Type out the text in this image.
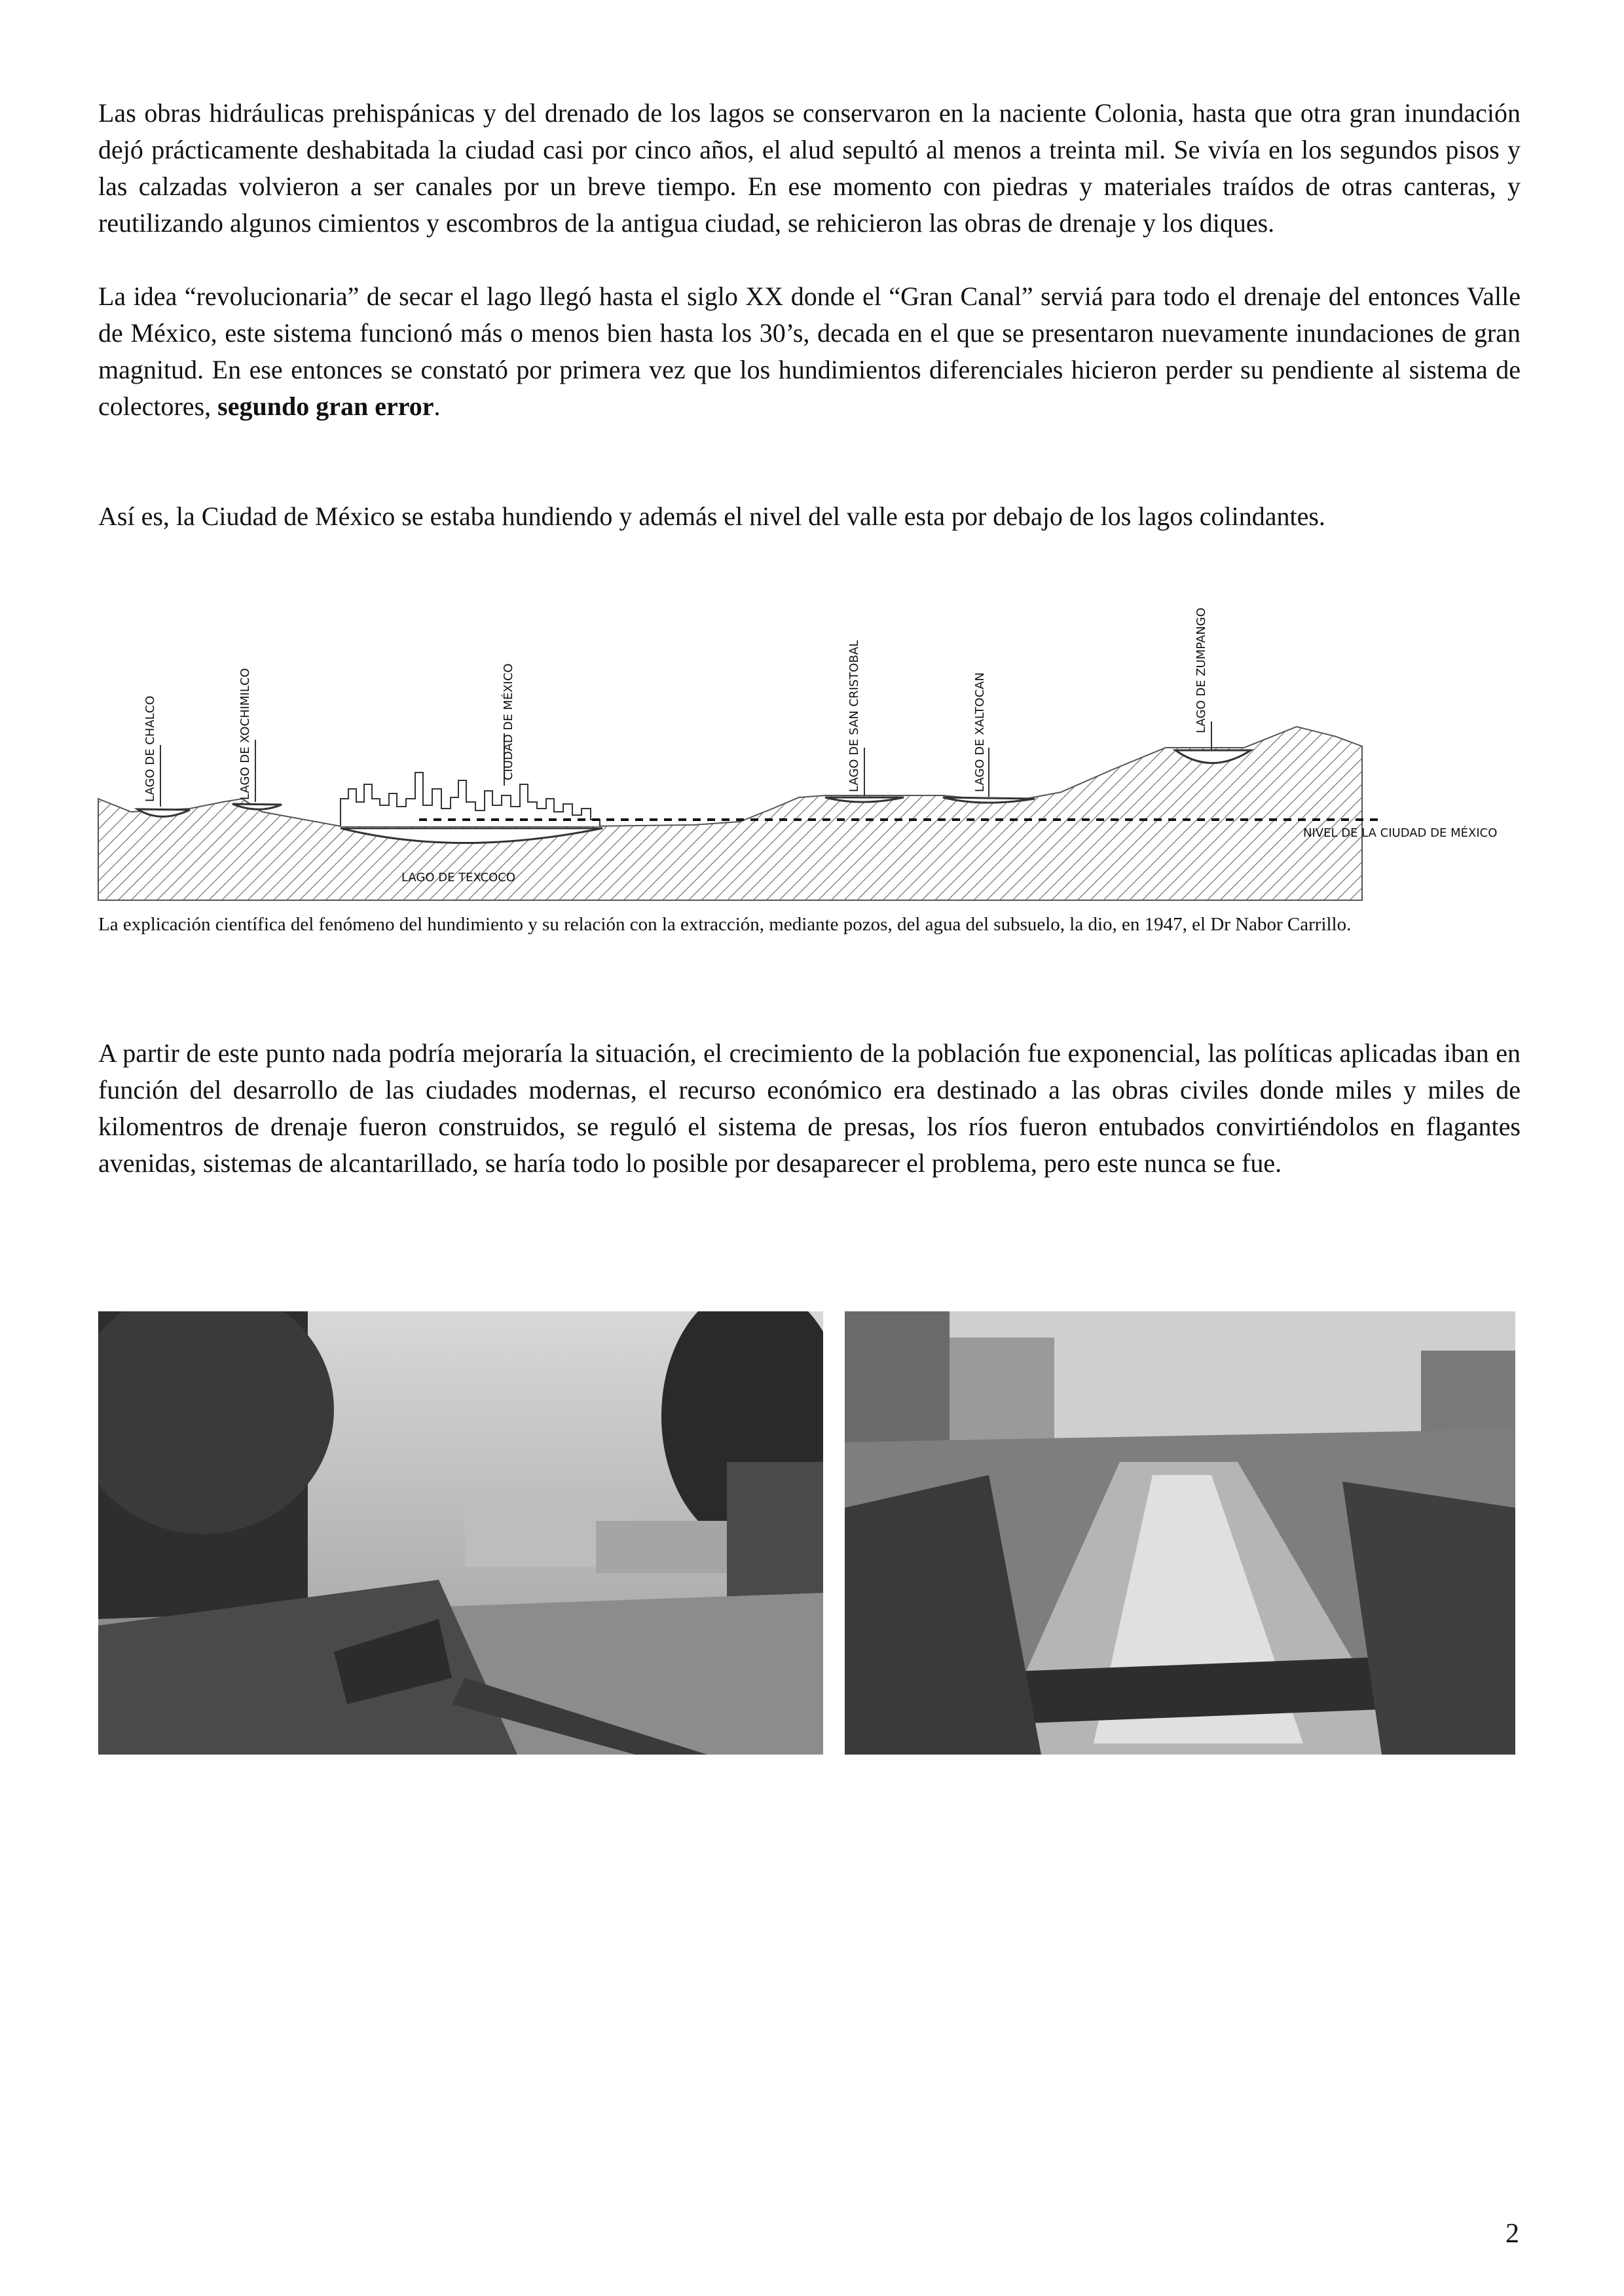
Las obras hidráulicas prehispánicas y del drenado de los lagos se conservaron en la naciente Colonia, hasta que otra gran inundación dejó prácticamente deshabitada la ciudad casi por cinco años, el alud sepultó al menos a treinta mil. Se vivía en los segundos pisos y las calzadas volvieron a ser canales por un breve tiempo. En ese momento con piedras y materiales traídos de otras canteras, y reutilizando algunos cimientos y escombros de la antigua ciudad, se rehicieron las obras de drenaje y los diques.

La idea “revolucionaria” de secar el lago llegó hasta el siglo XX donde el “Gran Canal” serviá para todo el drenaje del entonces Valle de México, este sistema funcionó más o menos bien hasta los 30’s, decada en el que se presentaron nuevamente inundaciones de gran magnitud. En ese entonces se constató por primera vez que los hundimientos diferenciales hicieron perder su pendiente al sistema de colectores, segundo gran error.

Así es, la Ciudad de México se estaba hundiendo y además el nivel del valle esta por debajo de los lagos colindantes.

LAGO DE CHALCO	LAGO DE XOCHIMILCO	CIUDAD DE MÉXICO	LAGO DE SAN CRISTOBAL	LAGO DE XALTOCAN	LAGO DE ZUMPANGO
LAGO DE TEXCOCO
NIVEL DE LA CIUDAD DE MÉXICO

La explicación científica del fenómeno del hundimiento y su relación con la extracción, mediante pozos, del agua del subsuelo, la dio, en 1947, el Dr Nabor Carrillo.

A partir de este punto nada podría mejoraría la situación, el crecimiento de la población fue exponencial, las políticas aplicadas iban en función del desarrollo de las ciudades modernas, el recurso económico era destinado a las obras civiles donde miles y miles de kilomentros de drenaje fueron construidos, se reguló el sistema de presas, los ríos fueron entubados convirtiéndolos en flagantes avenidas, sistemas de alcantarillado, se haría todo lo posible por desaparecer el problema, pero este nunca se fue.

2
